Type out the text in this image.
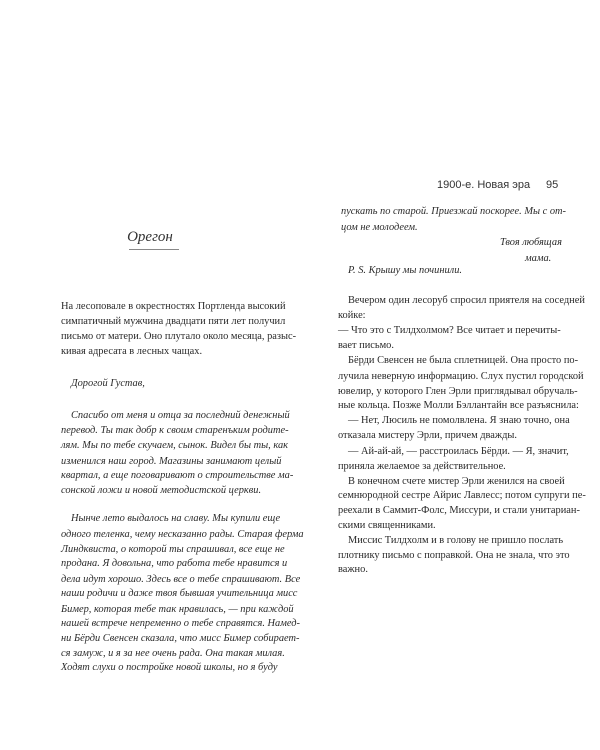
1900-е. Новая эра 95
Орегон
На лесоповале в окрестностях Портленда высокий
симпатичный мужчина двадцати пяти лет получил
письмо от матери. Оно плутало около месяца, разыс-
кивая адресата в лесных чащах.
Дорогой Густав,
Спасибо от меня и отца за последний денежный
перевод. Ты так добр к своим старенъким родите-
лям. Мы по тебе скучаем, сынок. Видел бы ты, как
изменился наш город. Магазины занимают целый
квартал, а еще поговаривают о строительстве ма-
сонской ложи и новой методистской церкви.
Нынче лето выдалось на славу. Мы купили еще
одного теленка, чему несказанно рады. Старая ферма
Линдквиста, о которой ты спрашивал, все еще не
продана. Я довольна, что работа тебе нравится и
дела идут хорошо. Здесь все о тебе спрашивают. Все
наши родичи и даже твоя бывшая учительница мисс
Бимер, которая тебе так нравилась, — при каждой
нашей встрече непременно о тебе справятся. Намед-
ни Бёрди Свенсен сказала, что мисс Бимер собирает-
ся замуж, и я за нее очень рада. Она такая милая.
Ходят слухи о постройке новой школы, но я буду
пускать по старой. Приезжай поскорее. Мы с от-
цом не молодеем.
Твоя любящая
мама.
P. S. Крышу мы починили.
Вечером один лесоруб спросил приятеля на соседней
койке:
— Что это с Тилдхолмом? Все читает и перечиты-
вает письмо.
Бёрди Свенсен не была сплетницей. Она просто по-
лучила неверную информацию. Слух пустил городской
ювелир, у которого Глен Эрли приглядывал обручаль-
ные кольца. Позже Молли Бэллантайн все разъяснила:
— Нет, Люсиль не помолвлена. Я знаю точно, она
отказала мистеру Эрли, причем дважды.
— Ай-ай-ай, — расстроилась Бёрди. — Я, значит,
приняла желаемое за действительное.
В конечном счете мистер Эрли женился на своей
семнюродной сестре Айрис Лавлесс; потом супруги пе-
реехали в Саммит-Фолс, Миссури, и стали унитариан-
скими священниками.
Миссис Тилдхолм и в голову не пришло послать
плотнику письмо с поправкой. Она не знала, что это
важно.
